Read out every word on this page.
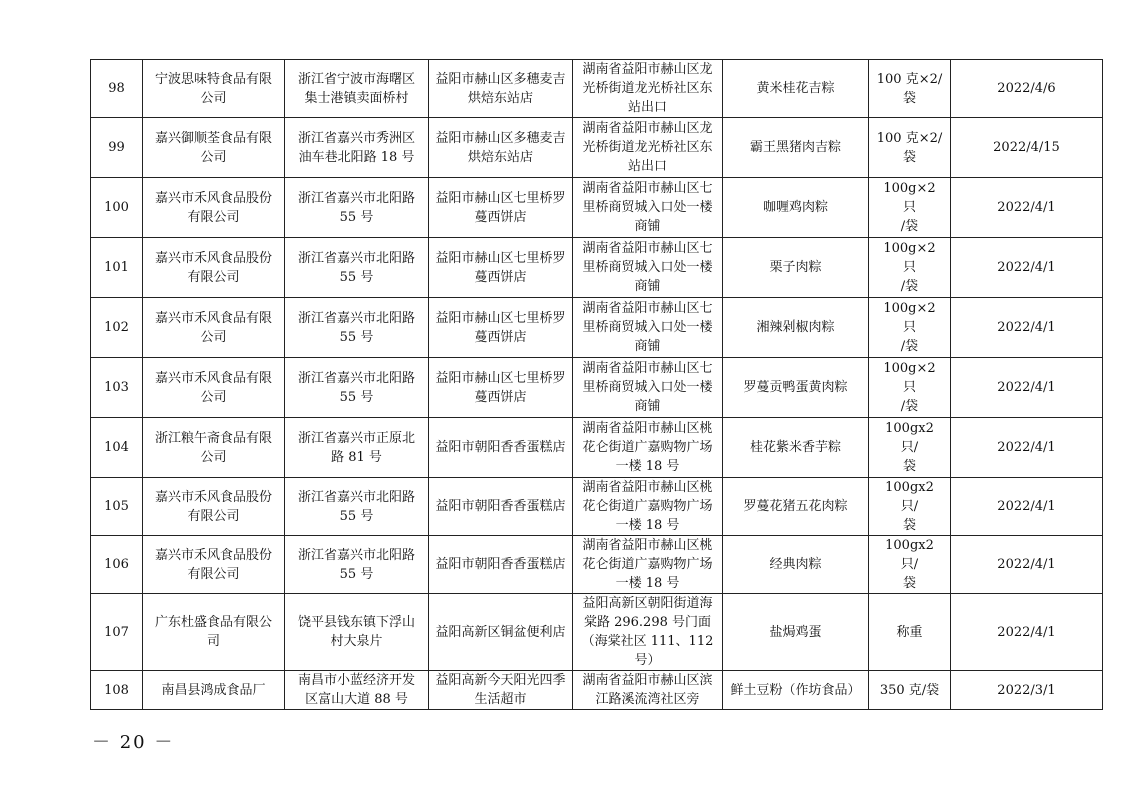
98	宁波思味特食品有限
公司	浙江省宁波市海曙区
集士港镇卖面桥村	益阳市赫山区多穗麦吉
烘焙东站店	湖南省益阳市赫山区龙
光桥街道龙光桥社区东
站出口	黄米桂花吉粽	100 克×2/
袋	2022/4/6

99	嘉兴御顺荃食品有限
公司	浙江省嘉兴市秀洲区
油车巷北阳路 18 号	益阳市赫山区多穗麦吉
烘焙东站店	湖南省益阳市赫山区龙
光桥街道龙光桥社区东
站出口	霸王黑猪肉吉粽	100 克×2/
袋	2022/4/15

100	嘉兴市禾风食品股份
有限公司	浙江省嘉兴市北阳路
55 号	益阳市赫山区七里桥罗
蔓西饼店	湖南省益阳市赫山区七
里桥商贸城入口处一楼
商铺	咖喱鸡肉粽	100g×2 只
/袋	2022/4/1

101	嘉兴市禾风食品股份
有限公司	浙江省嘉兴市北阳路
55 号	益阳市赫山区七里桥罗
蔓西饼店	湖南省益阳市赫山区七
里桥商贸城入口处一楼
商铺	栗子肉粽	100g×2 只
/袋	2022/4/1

102	嘉兴市禾风食品有限
公司	浙江省嘉兴市北阳路
55 号	益阳市赫山区七里桥罗
蔓西饼店	湖南省益阳市赫山区七
里桥商贸城入口处一楼
商铺	湘辣剁椒肉粽	100g×2 只
/袋	2022/4/1

103	嘉兴市禾风食品有限
公司	浙江省嘉兴市北阳路
55 号	益阳市赫山区七里桥罗
蔓西饼店	湖南省益阳市赫山区七
里桥商贸城入口处一楼
商铺	罗蔓贡鸭蛋黄肉粽	100g×2 只
/袋	2022/4/1

104	浙江粮午斋食品有限
公司	浙江省嘉兴市正原北
路 81 号	益阳市朝阳香香蛋糕店	湖南省益阳市赫山区桃
花仑街道广嘉购物广场
一楼 18 号	桂花紫米香芋粽	100gx2 只/
袋	2022/4/1

105	嘉兴市禾风食品股份
有限公司	浙江省嘉兴市北阳路
55 号	益阳市朝阳香香蛋糕店	湖南省益阳市赫山区桃
花仑街道广嘉购物广场
一楼 18 号	罗蔓花猪五花肉粽	100gx2 只/
袋	2022/4/1

106	嘉兴市禾风食品股份
有限公司	浙江省嘉兴市北阳路
55 号	益阳市朝阳香香蛋糕店	湖南省益阳市赫山区桃
花仑街道广嘉购物广场
一楼 18 号	经典肉粽	100gx2 只/
袋	2022/4/1

107	广东杜盛食品有限公
司	饶平县钱东镇下浮山
村大泉片	益阳高新区铜盆便利店	益阳高新区朝阳街道海
棠路 296.298 号门面
（海棠社区 111、112
号）	盐焗鸡蛋	称重	2022/4/1

108	南昌县鸿成食品厂	南昌市小蓝经济开发
区富山大道 88 号	益阳高新今天阳光四季
生活超市	湖南省益阳市赫山区滨
江路溪流湾社区旁	鲜土豆粉（作坊食品）	350 克/袋	2022/3/1
－ 20 －
